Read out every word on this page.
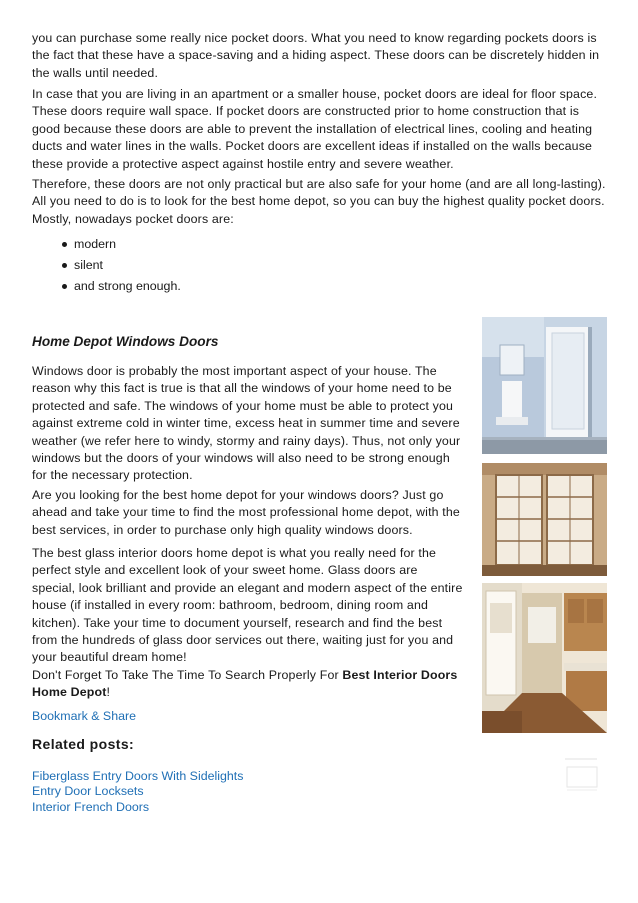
you can purchase some really nice pocket doors. What you need to know regarding pockets doors is the fact that these have a space-saving and a hiding aspect. These doors can be discretely hidden in the walls until needed.

In case that you are living in an apartment or a smaller house, pocket doors are ideal for floor space. These doors require wall space. If pocket doors are constructed prior to home construction that is good because these doors are able to prevent the installation of electrical lines, cooling and heating ducts and water lines in the walls. Pocket doors are excellent ideas if installed on the walls because these provide a protective aspect against hostile entry and severe weather.

Therefore, these doors are not only practical but are also safe for your home (and are all long-lasting). All you need to do is to look for the best home depot, so you can buy the highest quality pocket doors. Mostly, nowadays pocket doors are:

modern
silent
and strong enough.
Home Depot Windows Doors

Windows door is probably the most important aspect of your house. The reason why this fact is true is that all the windows of your home need to be protected and safe. The windows of your home must be able to protect you against extreme cold in winter time, excess heat in summer time and severe weather (we refer here to windy, stormy and rainy days). Thus, not only your windows but the doors of your windows will also need to be strong enough for the necessary protection.

Are you looking for the best home depot for your windows doors? Just go ahead and take your time to find the most professional home depot, with the best services, in order to purchase only high quality windows doors.

The best glass interior doors home depot is what you really need for the perfect style and excellent look of your sweet home. Glass doors are special, look brilliant and provide an elegant and modern aspect of the entire house (if installed in every room: bathroom, bedroom, dining room and kitchen). Take your time to document yourself, research and find the best from the hundreds of glass door services out there, waiting just for you and your beautiful dream home!

Don't Forget To Take The Time To Search Properly For Best Interior Doors Home Depot!

Bookmark & Share
Related posts:
Fiberglass Entry Doors With Sidelights
Entry Door Locksets
Interior French Doors
